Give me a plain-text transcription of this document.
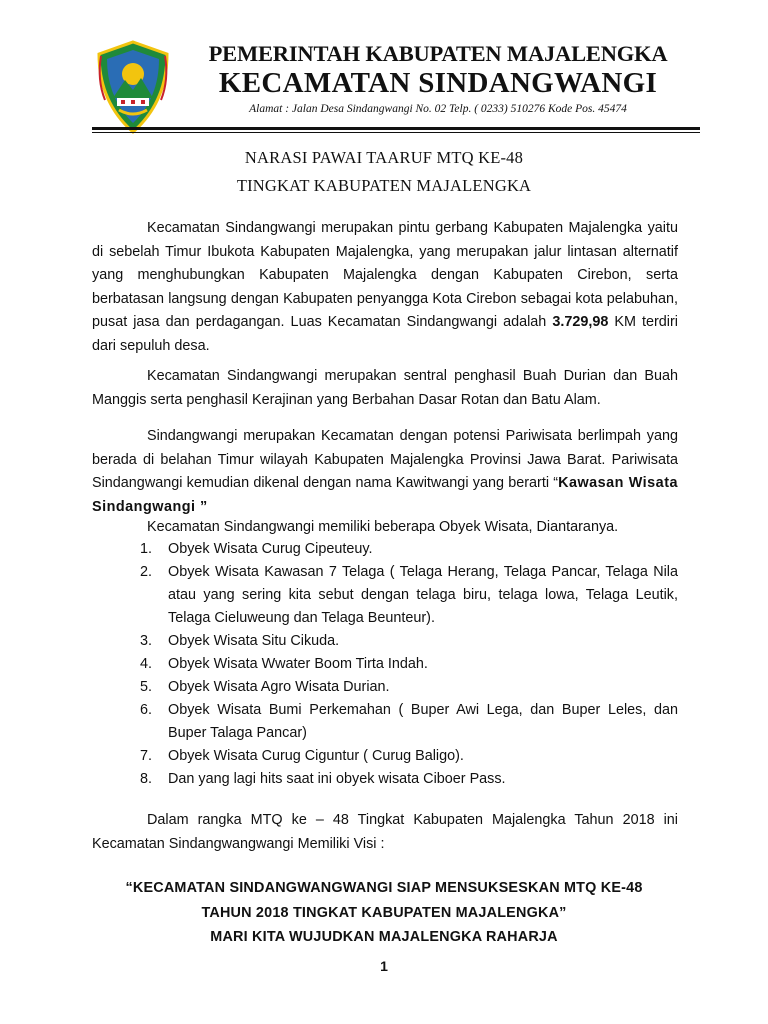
PEMERINTAH KABUPATEN MAJALENGKA
KECAMATAN SINDANGWANGI
Alamat : Jalan Desa Sindangwangi No. 02 Telp. ( 0233) 510276 Kode Pos. 45474
NARASI PAWAI TAARUF MTQ KE-48
TINGKAT KABUPATEN MAJALENGKA

Kecamatan Sindangwangi merupakan pintu gerbang Kabupaten Majalengka yaitu di sebelah Timur Ibukota Kabupaten Majalengka, yang merupakan jalur lintasan alternatif yang menghubungkan Kabupaten Majalengka dengan Kabupaten Cirebon, serta berbatasan langsung dengan Kabupaten penyangga Kota Cirebon sebagai kota pelabuhan, pusat jasa dan perdagangan. Luas Kecamatan Sindangwangi adalah 3.729,98 KM terdiri dari sepuluh desa.

Kecamatan Sindangwangi merupakan sentral penghasil Buah Durian dan Buah Manggis serta penghasil Kerajinan yang Berbahan Dasar Rotan dan Batu Alam.

Sindangwangi merupakan Kecamatan dengan potensi Pariwisata berlimpah yang berada di belahan Timur wilayah Kabupaten Majalengka Provinsi Jawa Barat. Pariwisata Sindangwangi kemudian dikenal dengan nama Kawitwangi yang berarti “Kawasan Wisata Sindangwangi ”

Kecamatan Sindangwangi memiliki beberapa Obyek Wisata, Diantaranya.

1. Obyek Wisata Curug Cipeuteuy.
2. Obyek Wisata Kawasan 7 Telaga ( Telaga Herang, Telaga Pancar, Telaga Nila atau yang sering kita sebut dengan telaga biru, telaga lowa, Telaga Leutik, Telaga Cieluweung dan Telaga Beunteur).
3. Obyek Wisata Situ Cikuda.
4. Obyek Wisata Wwater Boom Tirta Indah.
5. Obyek Wisata Agro Wisata Durian.
6. Obyek Wisata Bumi Perkemahan ( Buper Awi Lega, dan Buper Leles, dan Buper Talaga Pancar)
7. Obyek Wisata Curug Ciguntur ( Curug Baligo).
8. Dan yang lagi hits saat ini obyek wisata Ciboer Pass.

Dalam rangka MTQ ke – 48 Tingkat Kabupaten Majalengka Tahun 2018 ini Kecamatan Sindangwangwangi Memiliki Visi :

“KECAMATAN SINDANGWANGWANGI SIAP MENSUKSESKAN MTQ KE-48
TAHUN 2018 TINGKAT KABUPATEN MAJALENGKA”
MARI KITA WUJUDKAN MAJALENGKA RAHARJA
1
